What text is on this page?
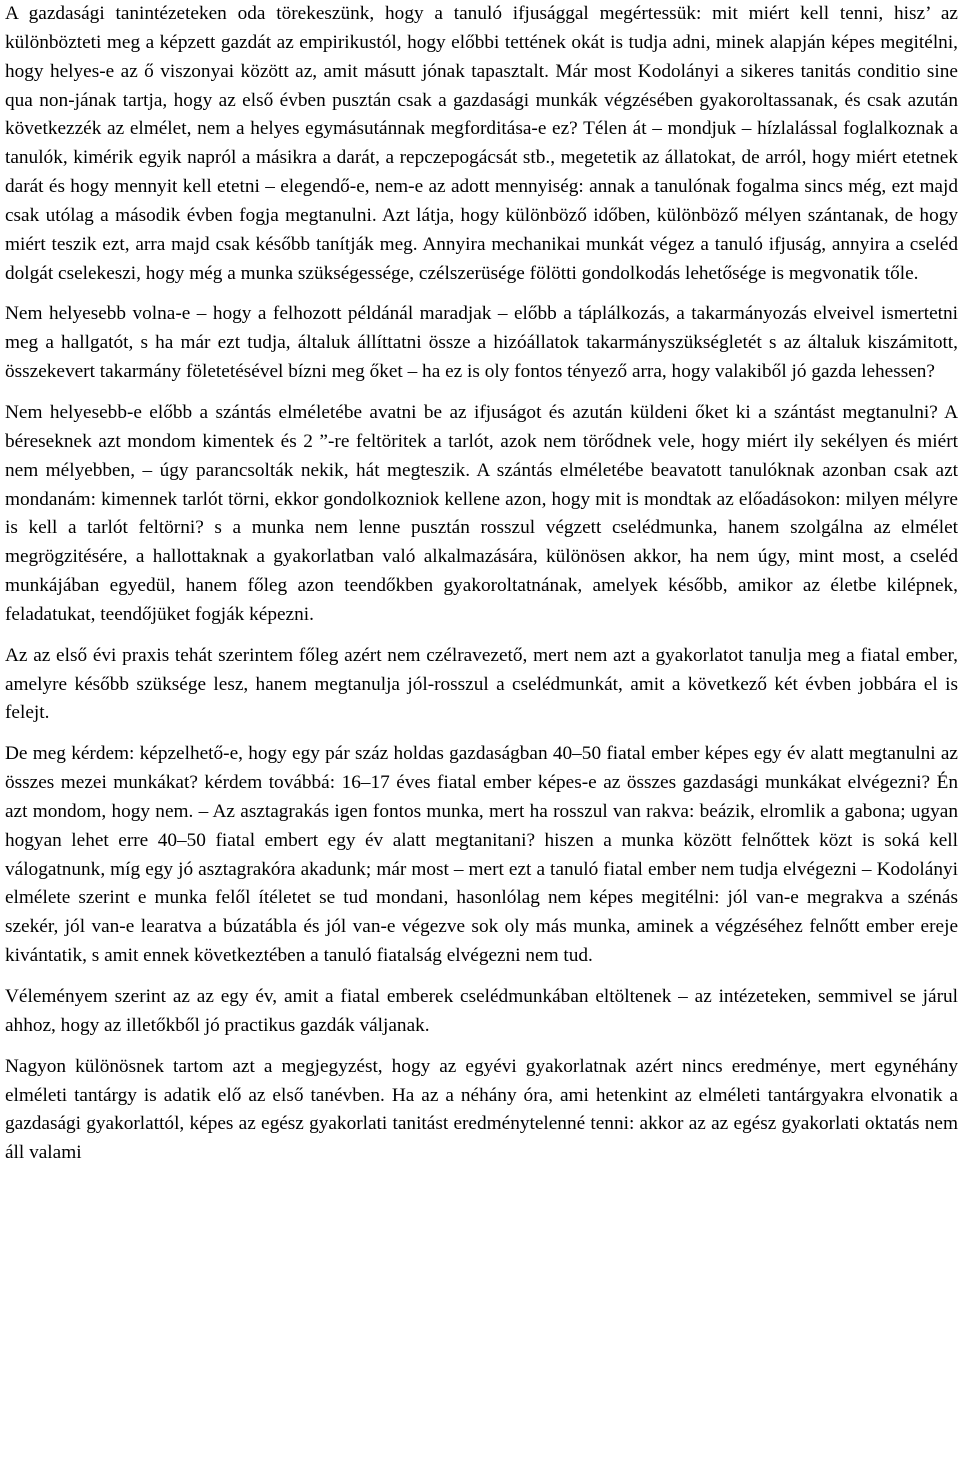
A gazdasági tanintézeteken oda törekeszünk, hogy a tanuló ifjusággal megértessük: mit miért kell tenni, hisz’ az különbözteti meg a képzett gazdát az empirikustól, hogy előbbi tettének okát is tudja adni, minek alapján képes megitélni, hogy helyes-e az ő viszonyai között az, amit másutt jónak tapasztalt. Már most Kodolányi a sikeres tanitás conditio sine qua non-jának tartja, hogy az első évben pusztán csak a gazdasági munkák végzésében gyakoroltassanak, és csak azután következzék az elmélet, nem a helyes egymásutánnak megforditása-e ez? Télen át – mondjuk – hízlalással foglalkoznak a tanulók, kimérik egyik napról a másikra a darát, a repczepogácsát stb., megetetik az állatokat, de arról, hogy miért etetnek darát és hogy mennyit kell etetni – elegendő-e, nem-e az adott mennyiség: annak a tanulónak fogalma sincs még, ezt majd csak utólag a második évben fogja megtanulni. Azt látja, hogy különböző időben, különböző mélyen szántanak, de hogy miért teszik ezt, arra majd csak később tanítják meg. Annyira mechanikai munkát végez a tanuló ifjuság, annyira a cseléd dolgát cselekeszi, hogy még a munka szükségessége, czélszerüsége fölötti gondolkodás lehetősége is megvonatik tőle.

Nem helyesebb volna-e – hogy a felhozott példánál maradjak – előbb a táplálkozás, a takarmányozás elveivel ismertetni meg a hallgatót, s ha már ezt tudja, általuk állíttatni össze a hizóállatok takarmányszükségletét s az általuk kiszámitott, összekevert takarmány föletetésével bízni meg őket – ha ez is oly fontos tényező arra, hogy valakiből jó gazda lehessen?

Nem helyesebb-e előbb a szántás elméletébe avatni be az ifjuságot és azután küldeni őket ki a szántást megtanulni? A béreseknek azt mondom kimentek és 2 ”-re feltöritek a tarlót, azok nem törődnek vele, hogy miért ily sekélyen és miért nem mélyebben, – úgy parancsolták nekik, hát megteszik. A szántás elméletébe beavatott tanulóknak azonban csak azt mondanám: kimennek tarlót törni, ekkor gondolkozniok kellene azon, hogy mit is mondtak az előadásokon: milyen mélyre is kell a tarlót feltörni? s a munka nem lenne pusztán rosszul végzett cselédmunka, hanem szolgálna az elmélet megrögzitésére, a hallottaknak a gyakorlatban való alkalmazására, különösen akkor, ha nem úgy, mint most, a cseléd munkájában egyedül, hanem főleg azon teendőkben gyakoroltatnának, amelyek később, amikor az életbe kilépnek, feladatukat, teendőjüket fogják képezni.

Az az első évi praxis tehát szerintem főleg azért nem czélravezető, mert nem azt a gyakorlatot tanulja meg a fiatal ember, amelyre később szüksége lesz, hanem megtanulja jól-rosszul a cselédmunkát, amit a következő két évben jobbára el is felejt.

De meg kérdem: képzelhető-e, hogy egy pár száz holdas gazdaságban 40–50 fiatal ember képes egy év alatt megtanulni az összes mezei munkákat? kérdem továbbá: 16–17 éves fiatal ember képes-e az összes gazdasági munkákat elvégezni? Én azt mondom, hogy nem. – Az asztagrakás igen fontos munka, mert ha rosszul van rakva: beázik, elromlik a gabona; ugyan hogyan lehet erre 40–50 fiatal embert egy év alatt megtanitani? hiszen a munka között felnőttek közt is soká kell válogatnunk, míg egy jó asztagrakóra akadunk; már most – mert ezt a tanuló fiatal ember nem tudja elvégezni – Kodolányi elmélete szerint e munka felől ítéletet se tud mondani, hasonlólag nem képes megitélni: jól van-e megrakva a szénás szekér, jól van-e learatva a búzatábla és jól van-e végezve sok oly más munka, aminek a végzéséhez felnőtt ember ereje kivántatik, s amit ennek következtében a tanuló fiatalság elvégezni nem tud.

Véleményem szerint az az egy év, amit a fiatal emberek cselédmunkában eltöltenek – az intézeteken, semmivel se járul ahhoz, hogy az illetőkből jó practikus gazdák váljanak.

Nagyon különösnek tartom azt a megjegyzést, hogy az egyévi gyakorlatnak azért nincs eredménye, mert egynéhány elméleti tantárgy is adatik elő az első tanévben. Ha az a néhány óra, ami hetenkint az elméleti tantárgyakra elvonatik a gazdasági gyakorlattól, képes az egész gyakorlati tanitást eredménytelenné tenni: akkor az az egész gyakorlati oktatás nem áll valami
